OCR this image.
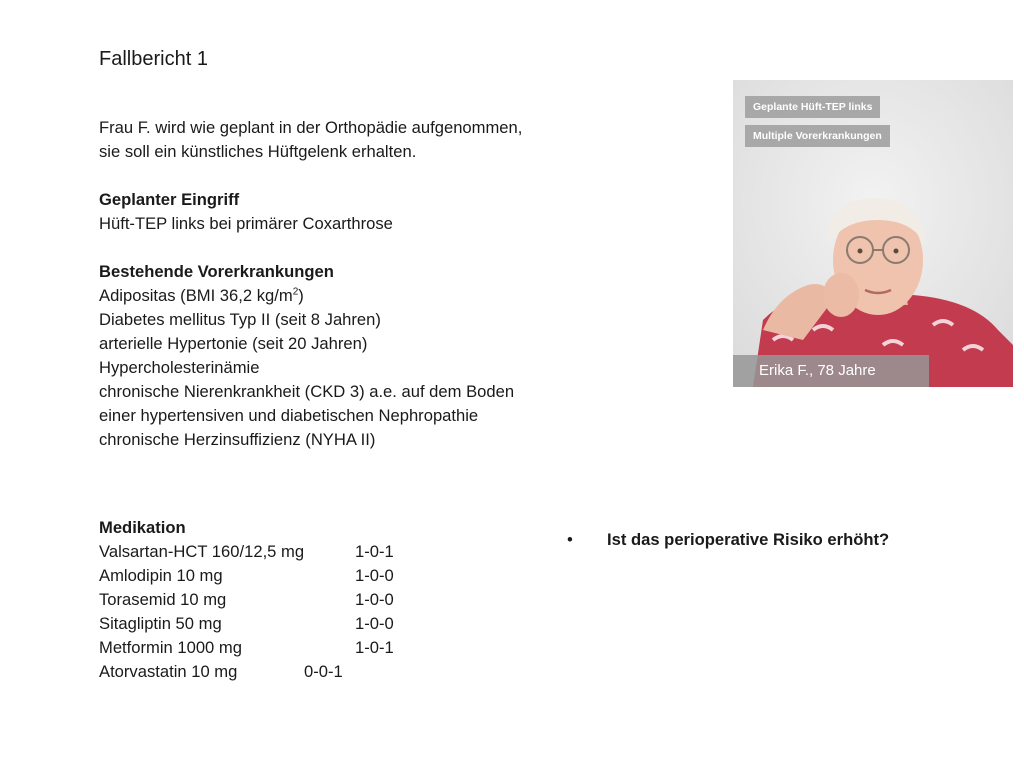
Fallbericht 1
Frau F. wird wie geplant in der Orthopädie aufgenommen,
sie soll ein künstliches Hüftgelenk erhalten.
Geplanter Eingriff
Hüft-TEP links bei primärer Coxarthrose
Bestehende Vorerkrankungen
Adipositas (BMI 36,2 $kg/m^2$)
Diabetes mellitus Typ II (seit 8 Jahren)
arterielle Hypertonie (seit 20 Jahren)
Hypercholesterinämie
chronische Nierenkrankheit (CKD 3) a.e. auf dem Boden
einer hypertensiven und diabetischen Nephropathie
chronische Herzinsuffizienz (NYHA II)
Medikation
Valsartan-HCT 160/12,5 mg	1-0-1
Amlodipin 10 mg	1-0-0
Torasemid 10 mg	1-0-0
Sitagliptin 50 mg	1-0-0
Metformin 1000 mg	1-0-1
Atorvastatin 10 mg	0-0-1
• Ist das perioperative Risiko erhöht?
Geplante Hüft-TEP links
Multiple Vorerkrankungen
Erika F., 78 Jahre
